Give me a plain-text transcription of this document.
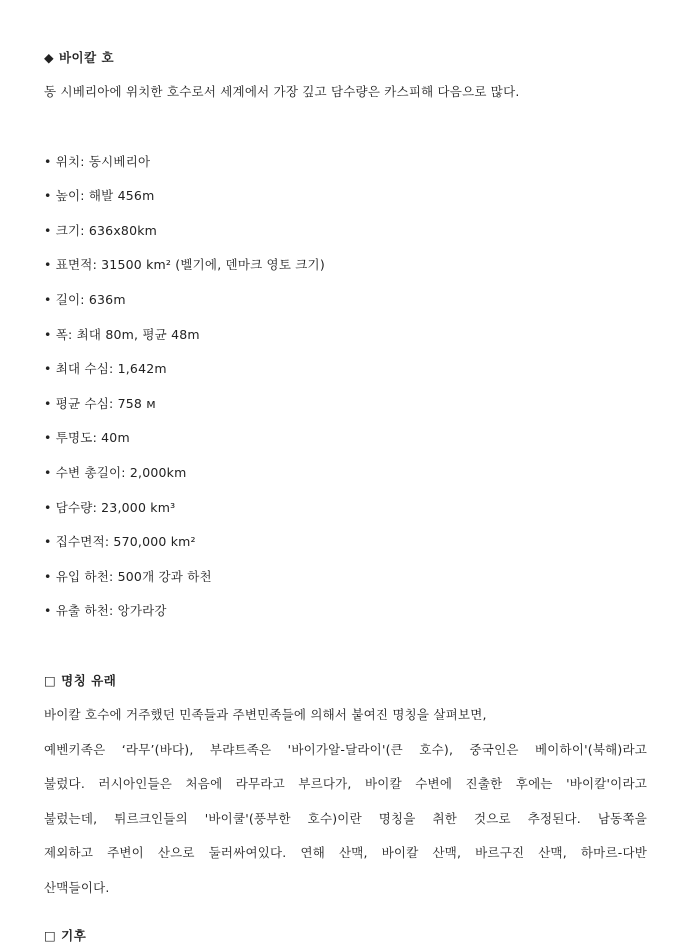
◆ 바이칼 호
동 시베리아에 위치한 호수로서 세계에서 가장 깊고 담수량은 카스피해 다음으로 많다.
• 위치: 동시베리아
• 높이: 해발 456m
• 크기: 636x80km
• 표면적: 31500 km² (벨기에, 덴마크 영토 크기)
• 길이: 636m
• 폭: 최대 80m, 평균 48m
• 최대 수심: 1,642m
• 평균 수심: 758 м
• 투명도: 40m
• 수변 총길이: 2,000km
• 담수량: 23,000 km³
• 집수면적: 570,000 km²
• 유입 하천: 500개 강과 하천
• 유출 하천: 앙가라강
□ 명칭 유래
바이칼 호수에 거주했던 민족들과 주변민족들에 의해서 붙여진 명칭을 살펴보면,
예벤키족은 ‘라무’(바다), 부랴트족은 '바이가알-달라이'(큰 호수), 중국인은 베이하이'(북해)라고
불렀다. 러시아인들은 처음에 라무라고 부르다가, 바이칼 수변에 진출한 후에는 '바이칼'이라고
불렀는데, 튀르크인들의 '바이쿨'(풍부한 호수)이란 명칭을 취한 것으로 추정된다. 남동쪽을
제외하고 주변이 산으로 둘러싸여있다. 연해 산맥, 바이칼 산맥, 바르구진 산맥, 하마르-다반
산맥들이다.
□ 기후
